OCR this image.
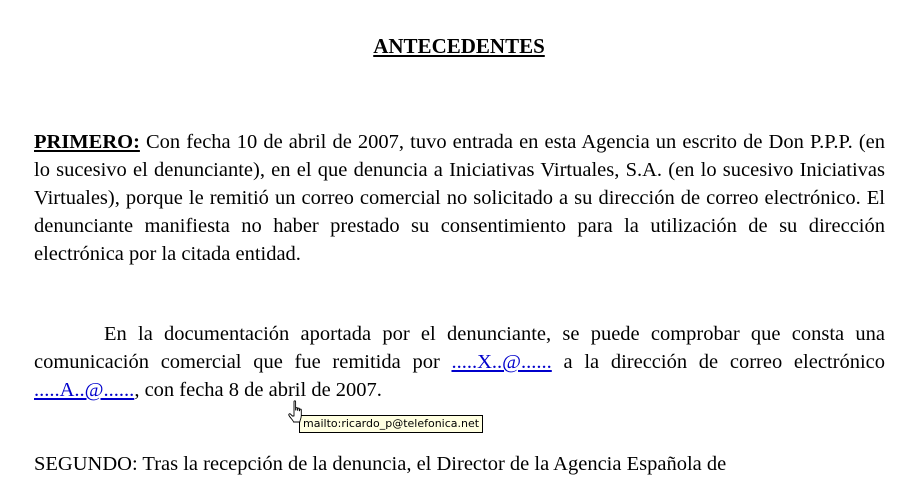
ANTECEDENTES

PRIMERO: Con fecha 10 de abril de 2007, tuvo entrada en esta Agencia un escrito de Don P.P.P. (en lo sucesivo el denunciante), en el que denuncia a Iniciativas Virtuales, S.A. (en lo sucesivo Iniciativas Virtuales), porque le remitió un correo comercial no solicitado a su dirección de correo electrónico. El denunciante manifiesta no haber prestado su consentimiento para la utilización de su dirección electrónica por la citada entidad.

En la documentación aportada por el denunciante, se puede comprobar que consta una comunicación comercial que fue remitida por .....X..@...... a la dirección de correo electrónico .....A..@......, con fecha 8 de abril de 2007.

SEGUNDO: Tras la recepción de la denuncia, el Director de la Agencia Española de

mailto:ricardo_p@telefonica.net
